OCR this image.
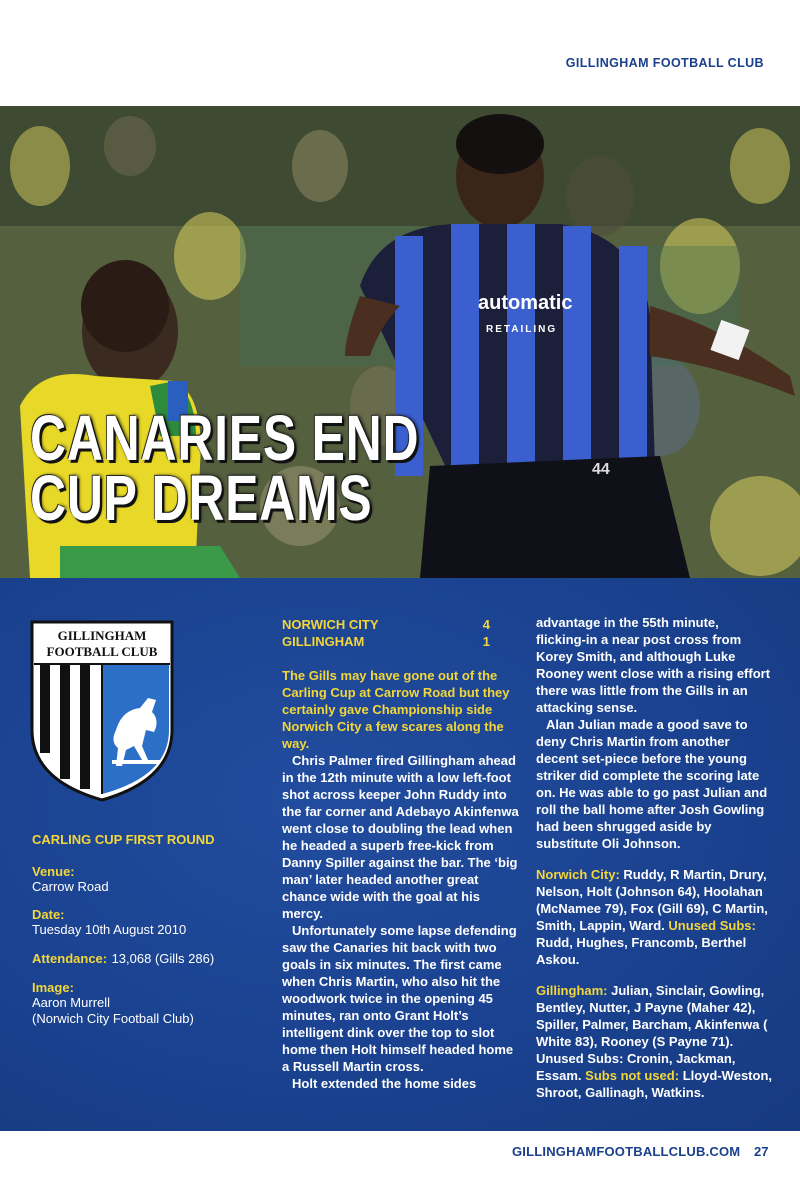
GILLINGHAM FOOTBALL CLUB
automatic
RETAILING
44
CANARIES END
CUP DREAMS
GILLINGHAM
FOOTBALL CLUB
CARLING CUP FIRST ROUND
Venue:
Carrow Road
Date:
Tuesday 10th August 2010
Attendance: 13,068 (Gills 286)
Image:
Aaron Murrell
(Norwich City Football Club)
NORWICH CITY	4
GILLINGHAM	1
The Gills may have gone out of the Carling Cup at Carrow Road but they certainly gave Championship side Norwich City a few scares along the way.
Chris Palmer fired Gillingham ahead in the 12th minute with a low left-foot shot across keeper John Ruddy into the far corner and Adebayo Akinfenwa went close to doubling the lead when he headed a superb free-kick from Danny Spiller against the bar. The ‘big man’ later headed another great chance wide with the goal at his mercy.
Unfortunately some lapse defending saw the Canaries hit back with two goals in six minutes. The first came when Chris Martin, who also hit the woodwork twice in the opening 45 minutes, ran onto Grant Holt’s intelligent dink over the top to slot home then Holt himself headed home a Russell Martin cross.
Holt extended the home sides
advantage in the 55th minute, flicking-in a near post cross from Korey Smith, and although Luke Rooney went close with a rising effort there was little from the Gills in an attacking sense.
Alan Julian made a good save to deny Chris Martin from another decent set-piece before the young striker did complete the scoring late on. He was able to go past Julian and roll the ball home after Josh Gowling had been shrugged aside by substitute Oli Johnson.
Norwich City: Ruddy, R Martin, Drury, Nelson, Holt (Johnson 64), Hoolahan (McNamee 79), Fox (Gill 69), C Martin, Smith, Lappin, Ward. Unused Subs: Rudd, Hughes, Francomb, Berthel Askou.
Gillingham: Julian, Sinclair, Gowling, Bentley, Nutter, J Payne (Maher 42), Spiller, Palmer, Barcham, Akinfenwa ( White 83), Rooney (S Payne 71). Unused Subs: Cronin, Jackman, Essam. Subs not used: Lloyd-Weston, Shroot, Gallinagh, Watkins.
GILLINGHAMFOOTBALLCLUB.COM 27
